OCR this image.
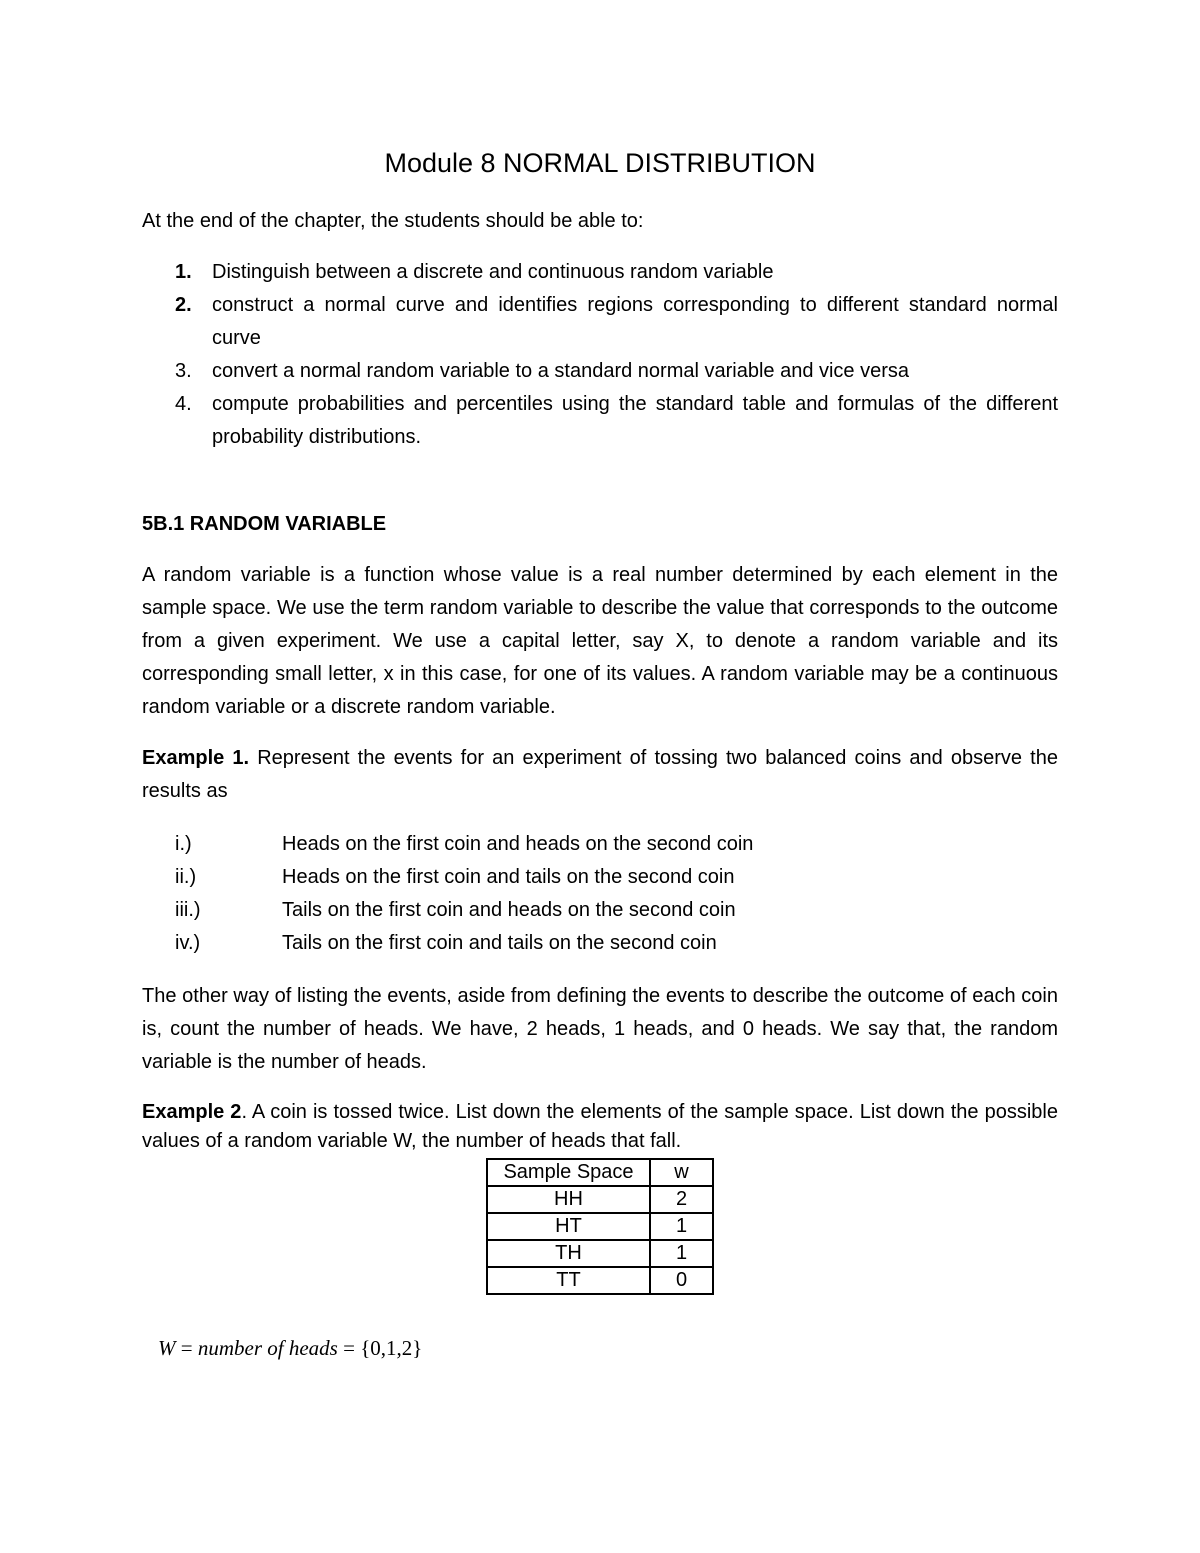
Module 8 NORMAL DISTRIBUTION
At the end of the chapter, the students should be able to:
1. Distinguish between a discrete and continuous random variable
2. construct a normal curve and identifies regions corresponding to different standard normal curve
3. convert a normal random variable to a standard normal variable and vice versa
4. compute probabilities and percentiles using the standard table and formulas of the different probability distributions.
5B.1 RANDOM VARIABLE
A random variable is a function whose value is a real number determined by each element in the sample space. We use the term random variable to describe the value that corresponds to the outcome from a given experiment. We use a capital letter, say X, to denote a random variable and its corresponding small letter, x in this case, for one of its values. A random variable may be a continuous random variable or a discrete random variable.
Example 1. Represent the events for an experiment of tossing two balanced coins and observe the results as
i.)	Heads on the first coin and heads on the second coin
ii.)	Heads on the first coin and tails on the second coin
iii.)	Tails on the first coin and heads on the second coin
iv.)	Tails on the first coin and tails on the second coin
The other way of listing the events, aside from defining the events to describe the outcome of each coin is, count the number of heads. We have, 2 heads, 1 heads, and 0 heads. We say that, the random variable is the number of heads.
Example 2. A coin is tossed twice. List down the elements of the sample space. List down the possible values of a random variable W, the number of heads that fall.
Sample Space	w
HH	2
HT	1
TH	1
TT	0
W = number of heads = {0,1,2}
